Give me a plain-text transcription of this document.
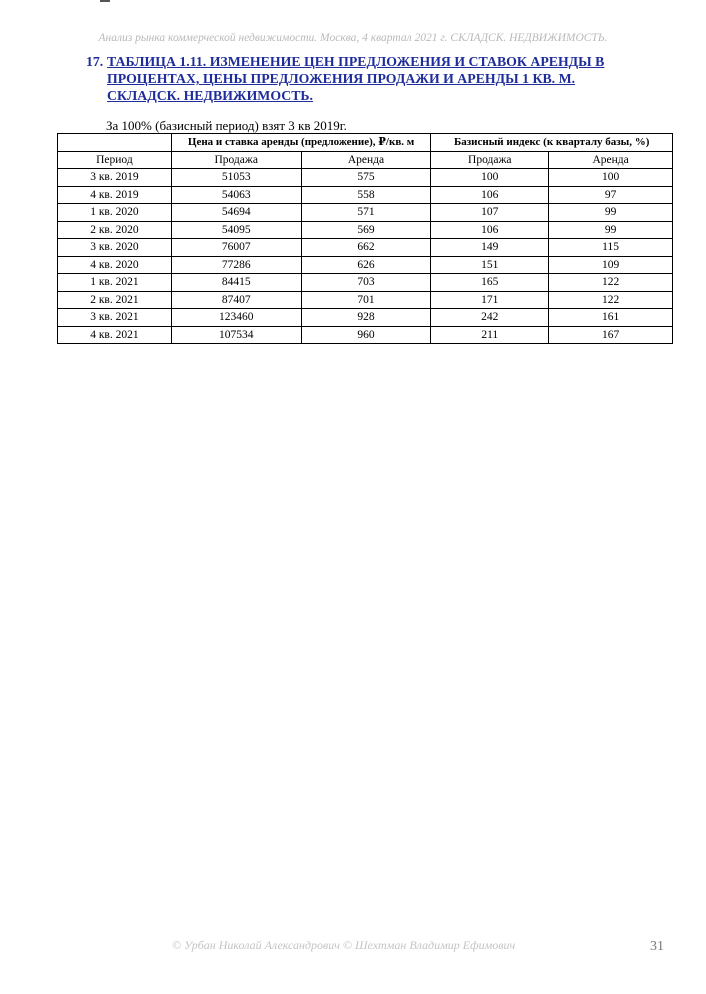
Анализ рынка коммерческой недвижимости. Москва, 4 квартал 2021 г. СКЛАДСК. НЕДВИЖИМОСТЬ.
17. ТАБЛИЦА 1.11. ИЗМЕНЕНИЕ ЦЕН ПРЕДЛОЖЕНИЯ И СТАВОК АРЕНДЫ В ПРОЦЕНТАХ, ЦЕНЫ ПРЕДЛОЖЕНИЯ ПРОДАЖИ И АРЕНДЫ 1 КВ. М. СКЛАДСК. НЕДВИЖИМОСТЬ.
За 100% (базисный период) взят 3 кв 2019г.
	Цена и ставка аренды (предложение), ₽/кв. м		Базисный индекс (к кварталу базы, %)	
Период	Продажа	Аренда	Продажа	Аренда
3 кв. 2019	51053	575	100	100
4 кв. 2019	54063	558	106	97
1 кв. 2020	54694	571	107	99
2 кв. 2020	54095	569	106	99
3 кв. 2020	76007	662	149	115
4 кв. 2020	77286	626	151	109
1 кв. 2021	84415	703	165	122
2 кв. 2021	87407	701	171	122
3 кв. 2021	123460	928	242	161
4 кв. 2021	107534	960	211	167
© Урбан Николай Александрович © Шехтман Владимир Ефимович	31
